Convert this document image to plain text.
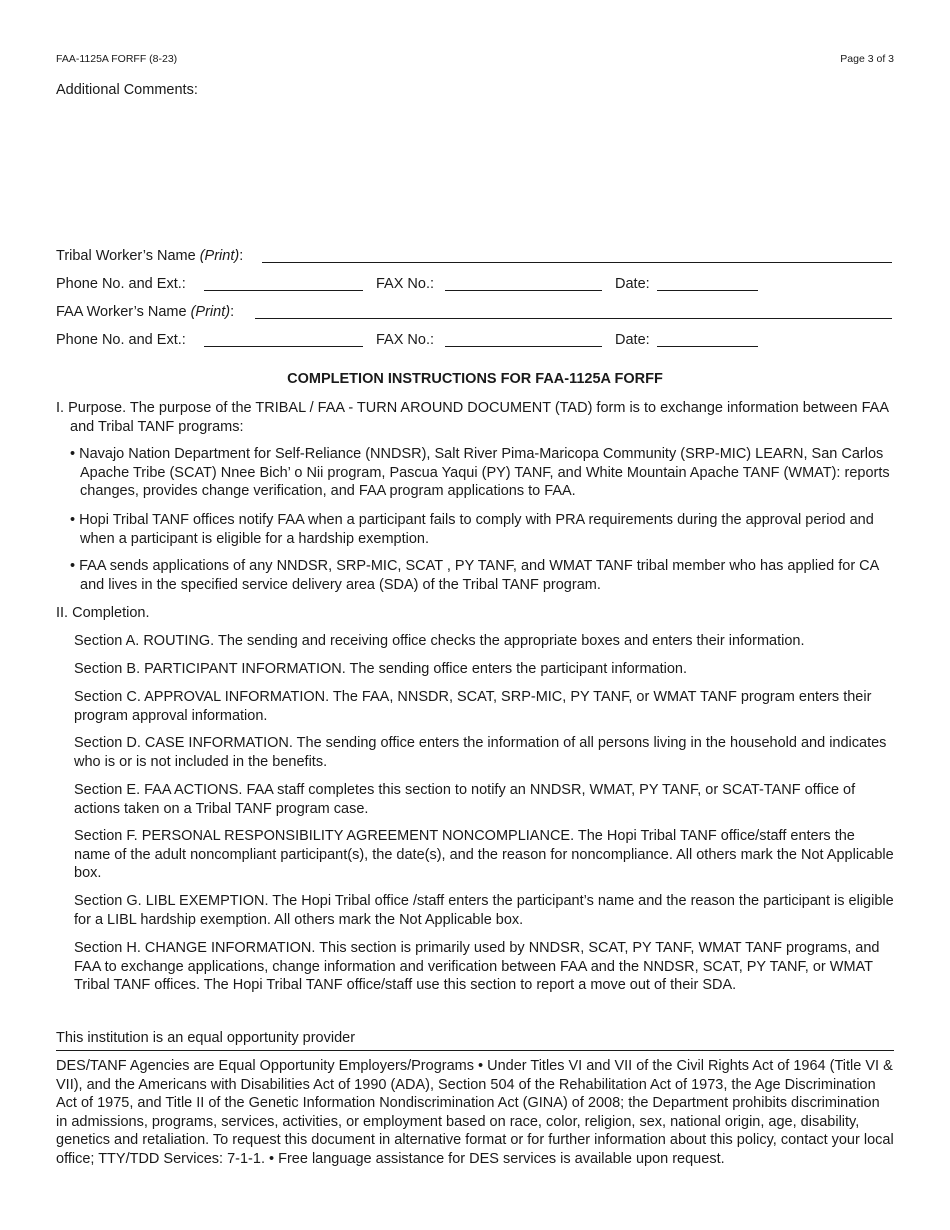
FAA-1125A FORFF (8-23)	Page 3 of 3
Additional Comments:
Tribal Worker’s Name (Print):
Phone No. and Ext.:	FAX No.:	Date:
FAA Worker’s Name (Print):
Phone No. and Ext.:	FAX No.:	Date:
COMPLETION INSTRUCTIONS FOR FAA-1125A FORFF
I. Purpose. The purpose of the TRIBAL / FAA - TURN AROUND DOCUMENT (TAD) form is to exchange information between FAA and Tribal TANF programs:
• Navajo Nation Department for Self-Reliance (NNDSR), Salt River Pima-Maricopa Community (SRP-MIC) LEARN, San Carlos Apache Tribe (SCAT) Nnee Bich’ o Nii program, Pascua Yaqui (PY) TANF, and White Mountain Apache TANF (WMAT): reports changes, provides change verification, and FAA program applications to FAA.
• Hopi Tribal TANF offices notify FAA when a participant fails to comply with PRA requirements during the approval period and when a participant is eligible for a hardship exemption.
• FAA sends applications of any NNDSR, SRP-MIC, SCAT , PY TANF, and WMAT TANF tribal member who has applied for CA and lives in the specified service delivery area (SDA) of the Tribal TANF program.
II. Completion.
Section A. ROUTING. The sending and receiving office checks the appropriate boxes and enters their information.
Section B. PARTICIPANT INFORMATION. The sending office enters the participant information.
Section C. APPROVAL INFORMATION. The FAA, NNSDR, SCAT, SRP-MIC, PY TANF, or WMAT TANF program enters their program approval information.
Section D. CASE INFORMATION. The sending office enters the information of all persons living in the household and indicates who is or is not included in the benefits.
Section E. FAA ACTIONS. FAA staff completes this section to notify an NNDSR, WMAT, PY TANF, or SCAT-TANF office of actions taken on a Tribal TANF program case.
Section F. PERSONAL RESPONSIBILITY AGREEMENT NONCOMPLIANCE. The Hopi Tribal TANF office/staff enters the name of the adult noncompliant participant(s), the date(s), and the reason for noncompliance. All others mark the Not Applicable box.
Section G. LIBL EXEMPTION. The Hopi Tribal office /staff enters the participant’s name and the reason the participant is eligible for a LIBL hardship exemption. All others mark the Not Applicable box.
Section H. CHANGE INFORMATION. This section is primarily used by NNDSR, SCAT, PY TANF, WMAT TANF programs, and FAA to exchange applications, change information and verification between FAA and the NNDSR, SCAT, PY TANF, or WMAT Tribal TANF offices. The Hopi Tribal TANF office/staff use this section to report a move out of their SDA.
This institution is an equal opportunity provider
DES/TANF Agencies are Equal Opportunity Employers/Programs • Under Titles VI and VII of the Civil Rights Act of 1964 (Title VI & VII), and the Americans with Disabilities Act of 1990 (ADA), Section 504 of the Rehabilitation Act of 1973, the Age Discrimination Act of 1975, and Title II of the Genetic Information Nondiscrimination Act (GINA) of 2008; the Department prohibits discrimination in admissions, programs, services, activities, or employment based on race, color, religion, sex, national origin, age, disability, genetics and retaliation. To request this document in alternative format or for further information about this policy, contact your local office; TTY/TDD Services: 7-1-1. • Free language assistance for DES services is available upon request.
